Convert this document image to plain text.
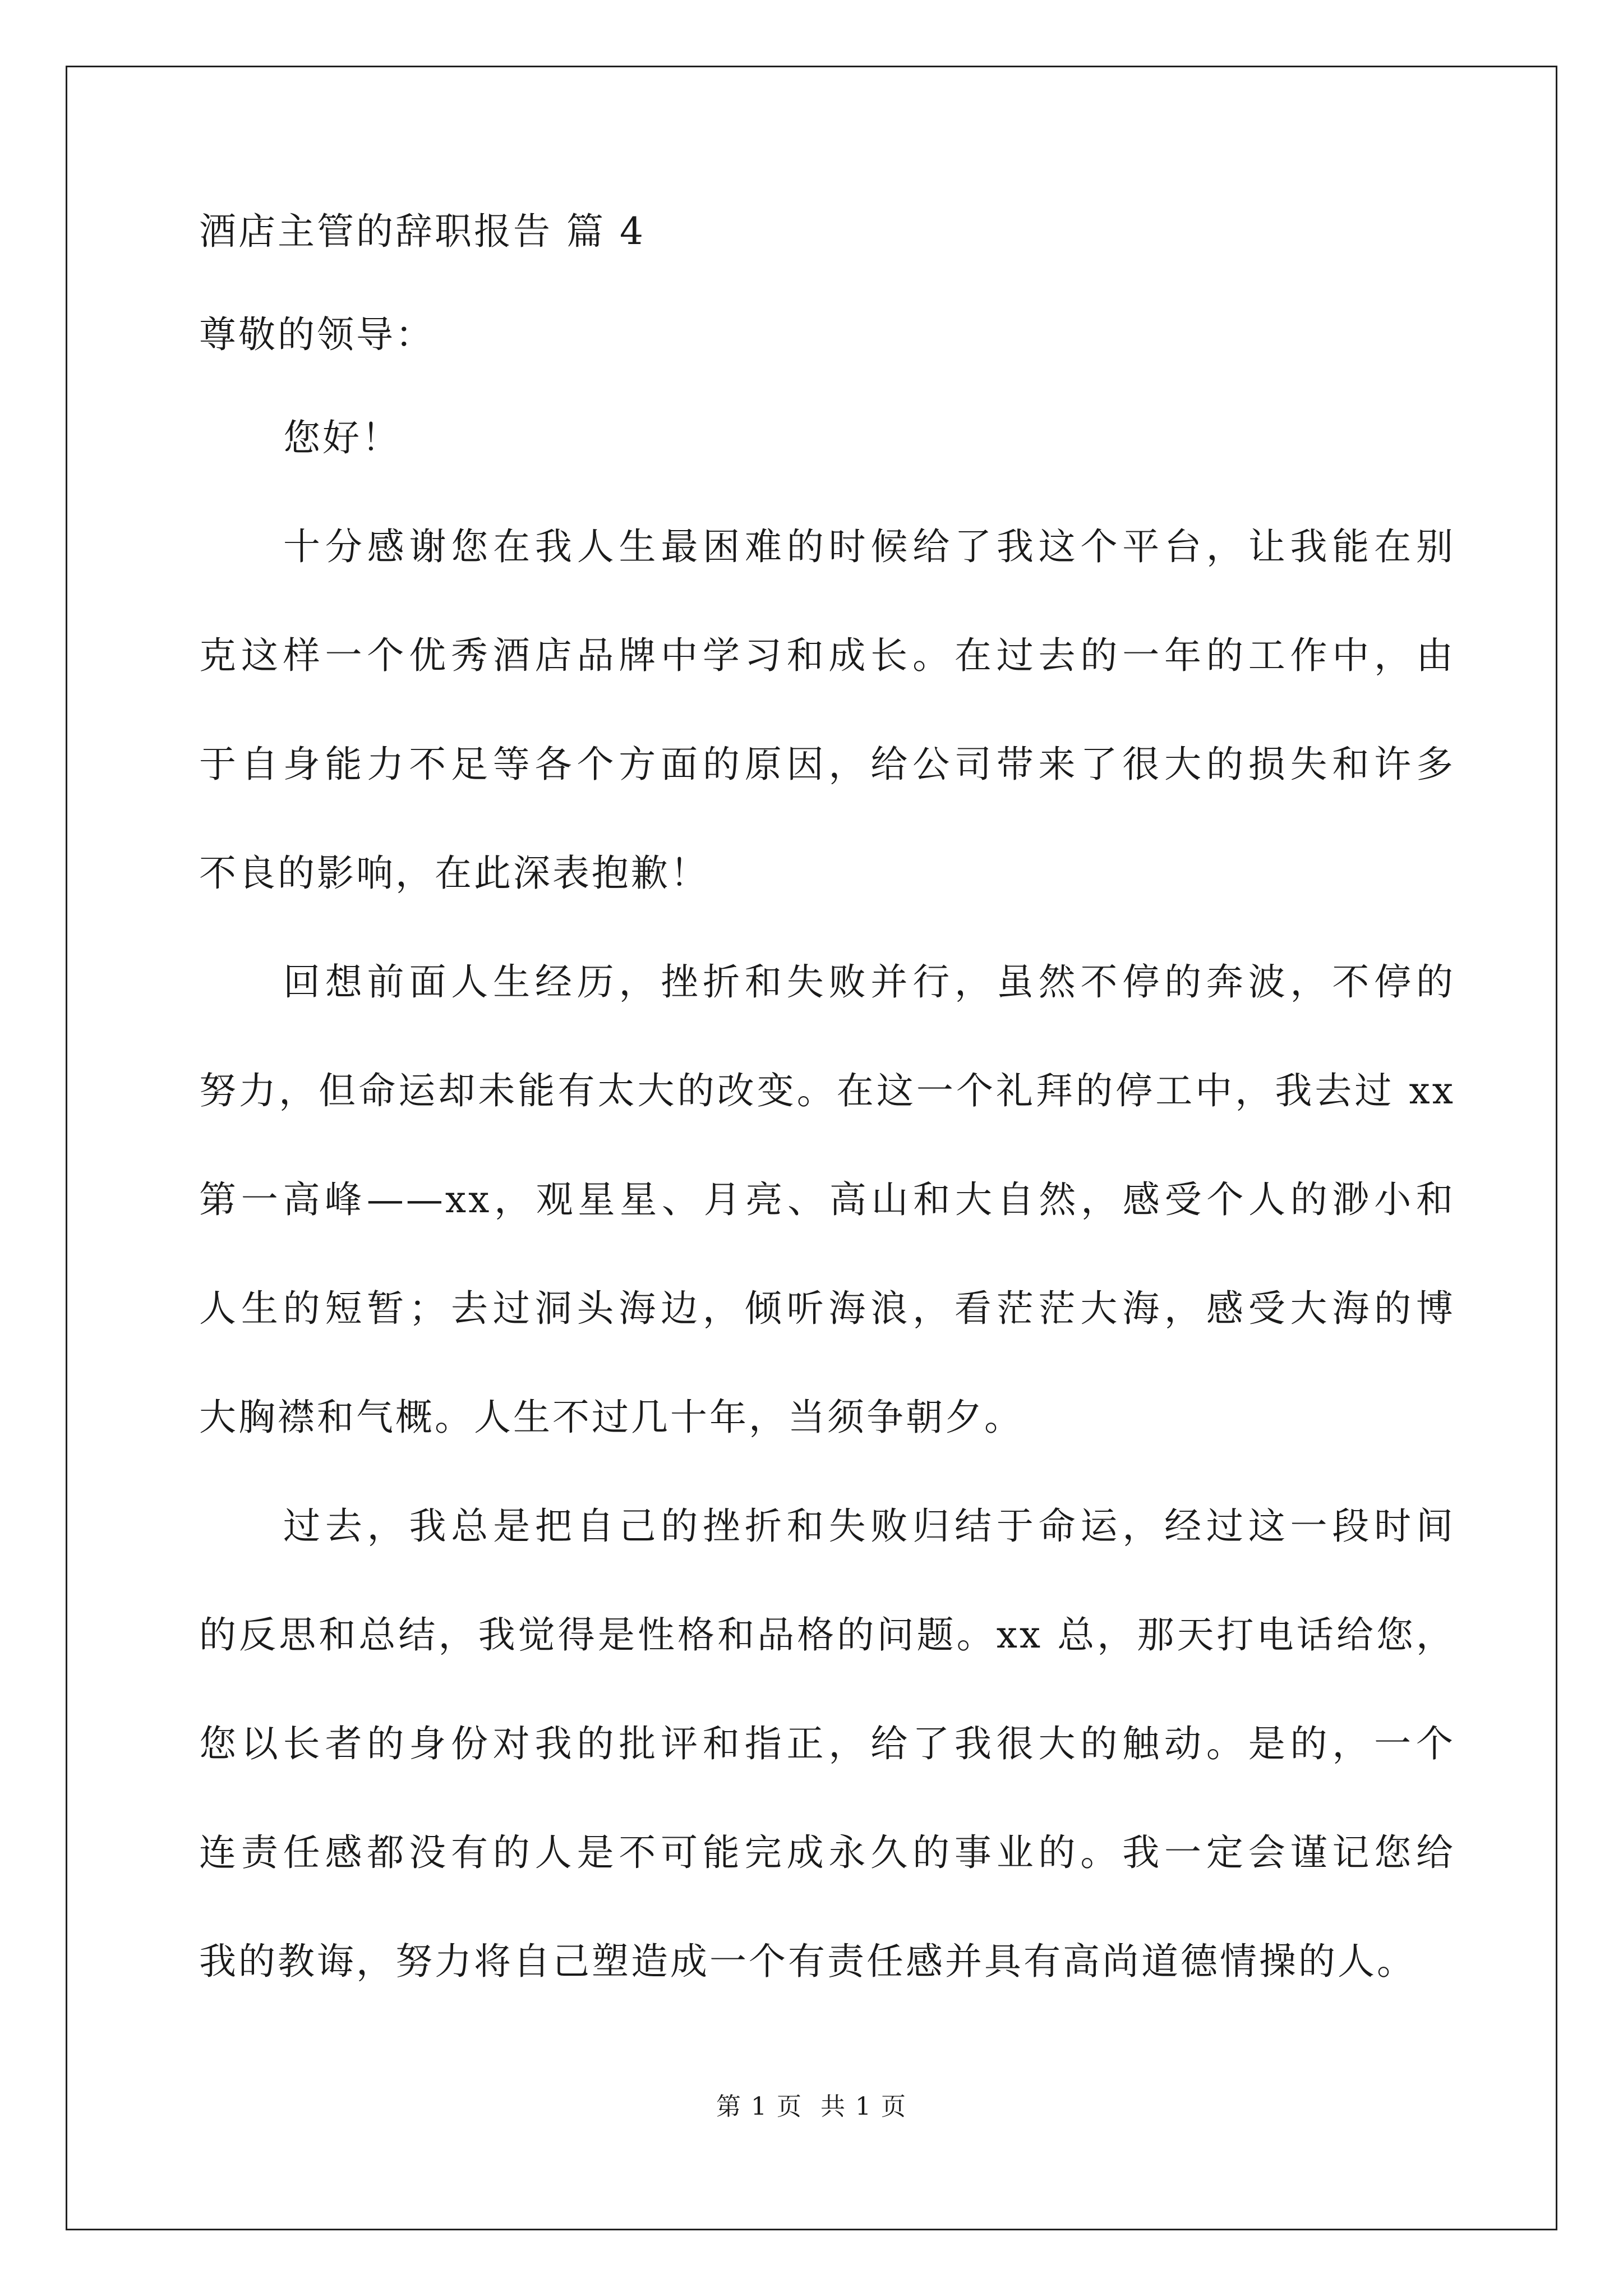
酒店主管的辞职报告 篇 4

尊敬的领导：

您好！

十分感谢您在我人生最困难的时候给了我这个平台，让我能在别

克这样一个优秀酒店品牌中学习和成长。在过去的一年的工作中，由

于自身能力不足等各个方面的原因，给公司带来了很大的损失和许多

不良的影响，在此深表抱歉！

回想前面人生经历，挫折和失败并行，虽然不停的奔波，不停的

努力，但命运却未能有太大的改变。在这一个礼拜的停工中，我去过 xx

第一高峰——xx，观星星、月亮、高山和大自然，感受个人的渺小和

人生的短暂；去过洞头海边，倾听海浪，看茫茫大海，感受大海的博

大胸襟和气概。人生不过几十年，当须争朝夕。

过去，我总是把自己的挫折和失败归结于命运，经过这一段时间

的反思和总结，我觉得是性格和品格的问题。xx 总，那天打电话给您，

您以长者的身份对我的批评和指正，给了我很大的触动。是的，一个

连责任感都没有的人是不可能完成永久的事业的。我一定会谨记您给

我的教诲，努力将自己塑造成一个有责任感并具有高尚道德情操的人。

第 1 页 共 1 页
